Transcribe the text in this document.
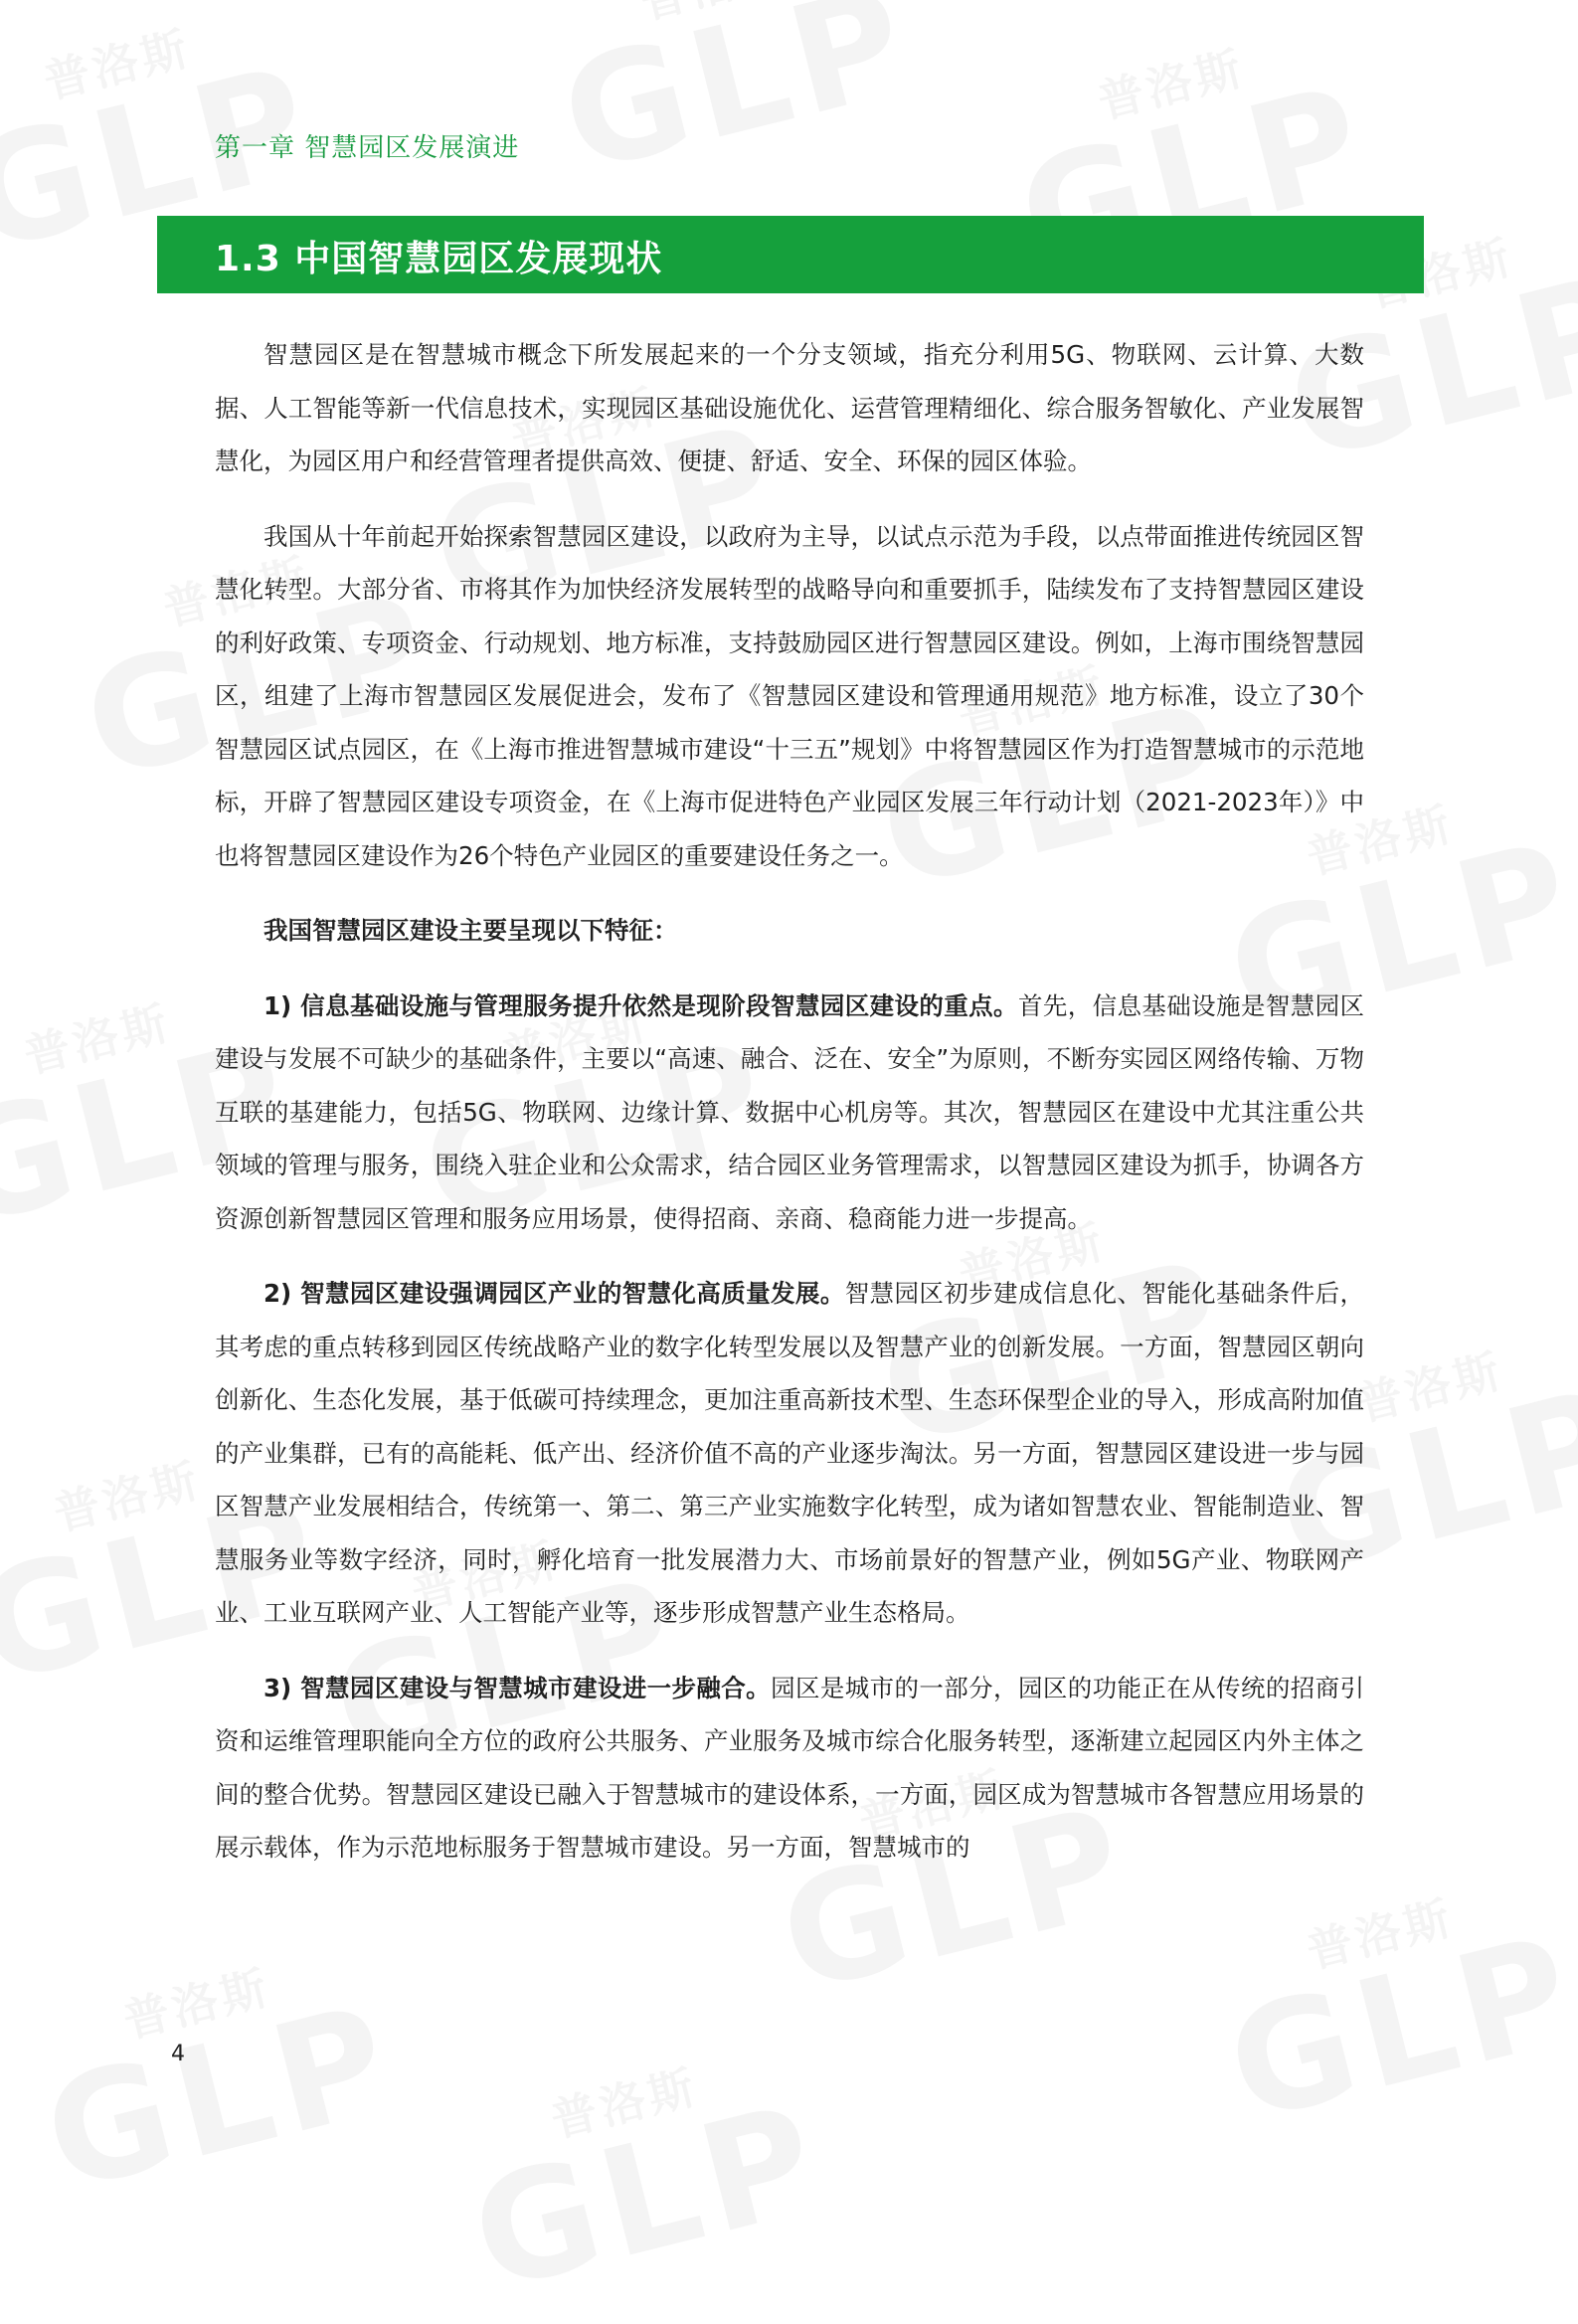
第一章 智慧园区发展演进
1.3 中国智慧园区发展现状

智慧园区是在智慧城市概念下所发展起来的一个分支领域，指充分利用5G、物联网、云计算、大数据、人工智能等新一代信息技术，实现园区基础设施优化、运营管理精细化、综合服务智敏化、产业发展智慧化，为园区用户和经营管理者提供高效、便捷、舒适、安全、环保的园区体验。

我国从十年前起开始探索智慧园区建设，以政府为主导，以试点示范为手段，以点带面推进传统园区智慧化转型。大部分省、市将其作为加快经济发展转型的战略导向和重要抓手，陆续发布了支持智慧园区建设的利好政策、专项资金、行动规划、地方标准，支持鼓励园区进行智慧园区建设。例如，上海市围绕智慧园区，组建了上海市智慧园区发展促进会，发布了《智慧园区建设和管理通用规范》地方标准，设立了30个智慧园区试点园区，在《上海市推进智慧城市建设“十三五”规划》中将智慧园区作为打造智慧城市的示范地标，开辟了智慧园区建设专项资金，在《上海市促进特色产业园区发展三年行动计划（2021-2023年）》中也将智慧园区建设作为26个特色产业园区的重要建设任务之一。

我国智慧园区建设主要呈现以下特征：

1) 信息基础设施与管理服务提升依然是现阶段智慧园区建设的重点。首先，信息基础设施是智慧园区建设与发展不可缺少的基础条件，主要以“高速、融合、泛在、安全”为原则，不断夯实园区网络传输、万物互联的基建能力，包括5G、物联网、边缘计算、数据中心机房等。其次，智慧园区在建设中尤其注重公共领域的管理与服务，围绕入驻企业和公众需求，结合园区业务管理需求，以智慧园区建设为抓手，协调各方资源创新智慧园区管理和服务应用场景，使得招商、亲商、稳商能力进一步提高。

2) 智慧园区建设强调园区产业的智慧化高质量发展。智慧园区初步建成信息化、智能化基础条件后，其考虑的重点转移到园区传统战略产业的数字化转型发展以及智慧产业的创新发展。一方面，智慧园区朝向创新化、生态化发展，基于低碳可持续理念，更加注重高新技术型、生态环保型企业的导入，形成高附加值的产业集群，已有的高能耗、低产出、经济价值不高的产业逐步淘汰。另一方面，智慧园区建设进一步与园区智慧产业发展相结合，传统第一、第二、第三产业实施数字化转型，成为诸如智慧农业、智能制造业、智慧服务业等数字经济，同时，孵化培育一批发展潜力大、市场前景好的智慧产业，例如5G产业、物联网产业、工业互联网产业、人工智能产业等，逐步形成智慧产业生态格局。

3) 智慧园区建设与智慧城市建设进一步融合。园区是城市的一部分，园区的功能正在从传统的招商引资和运维管理职能向全方位的政府公共服务、产业服务及城市综合化服务转型，逐渐建立起园区内外主体之间的整合优势。智慧园区建设已融入于智慧城市的建设体系，一方面，园区成为智慧城市各智慧应用场景的展示载体，作为示范地标服务于智慧城市建设。另一方面，智慧城市的

4
